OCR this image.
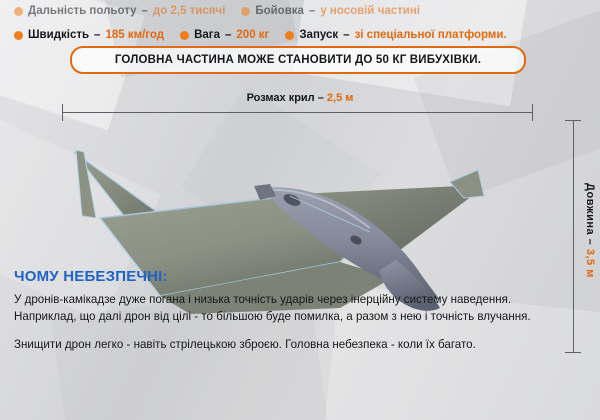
Дальність польоту – до 2,5 тисячі	Бойовка – у носовій частині
Швидкість – 185 км/год	Вага – 200 кг	Запуск – зі спеціальної платформи.
ГОЛОВНА ЧАСТИНА МОЖЕ СТАНОВИТИ ДО 50 КГ ВИБУХІВКИ.
Розмах крил – 2,5 м
Довжина – 3,5 м
ЧОМУ НЕБЕЗПЕЧНІ:

У дронів-камікадзе дуже погана і низька точність ударів через інерційну систему наведення. Наприклад, що далі дрон від цілі - то більшою буде помилка, а разом з нею і точність влучання.

Знищити дрон легко - навіть стрілецькою зброєю. Головна небезпека - коли їх багато.
